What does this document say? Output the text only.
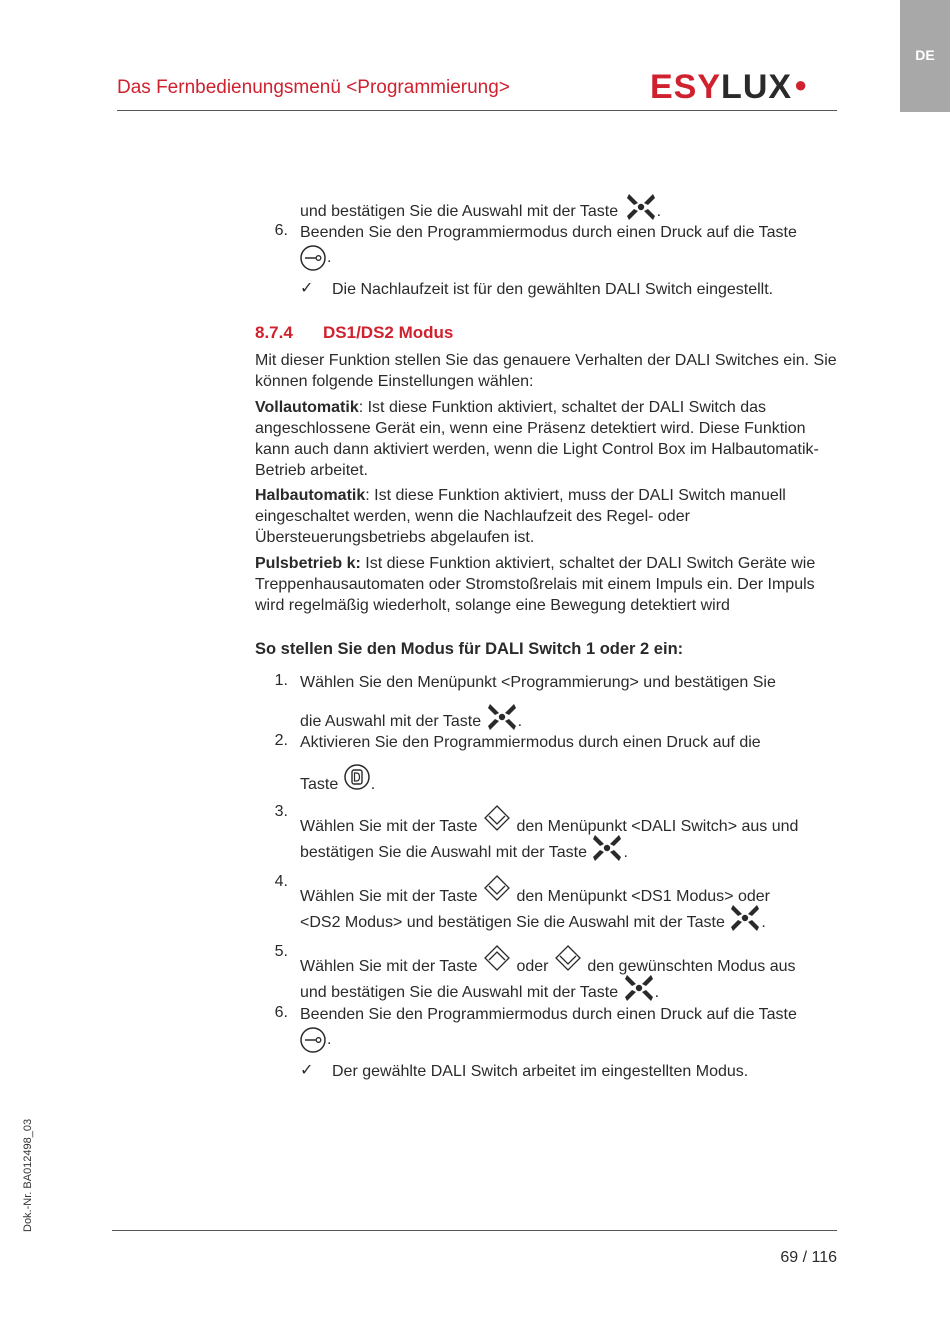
DE
Das Fernbedienungsmenü <Programmierung>	ESYLUX●
und bestätigen Sie die Auswahl mit der Taste .
6. Beenden Sie den Programmiermodus durch einen Druck auf die Taste
.
✓ Die Nachlaufzeit ist für den gewählten DALI Switch eingestellt.
8.7.4 DS1/DS2 Modus
Mit dieser Funktion stellen Sie das genauere Verhalten der DALI Switches ein. Sie können folgende Einstellungen wählen:
Vollautomatik: Ist diese Funktion aktiviert, schaltet der DALI Switch das angeschlossene Gerät ein, wenn eine Präsenz detektiert wird. Diese Funktion kann auch dann aktiviert werden, wenn die Light Control Box im Halbautomatik-Betrieb arbeitet.
Halbautomatik: Ist diese Funktion aktiviert, muss der DALI Switch manuell eingeschaltet werden, wenn die Nachlaufzeit des Regel- oder Übersteuerungsbetriebs abgelaufen ist.
Pulsbetrieb k: Ist diese Funktion aktiviert, schaltet der DALI Switch Geräte wie Treppenhausautomaten oder Stromstoßrelais mit einem Impuls ein. Der Impuls wird regelmäßig wiederholt, solange eine Bewegung detektiert wird
So stellen Sie den Modus für DALI Switch 1 oder 2 ein:
1. Wählen Sie den Menüpunkt <Programmierung> und bestätigen Sie
die Auswahl mit der Taste .
2. Aktivieren Sie den Programmiermodus durch einen Druck auf die
Taste .
3.
Wählen Sie mit der Taste den Menüpunkt <DALI Switch> aus und
bestätigen Sie die Auswahl mit der Taste .
4.
Wählen Sie mit der Taste den Menüpunkt <DS1 Modus> oder
<DS2 Modus> und bestätigen Sie die Auswahl mit der Taste .
5.
Wählen Sie mit der Taste oder den gewünschten Modus aus
und bestätigen Sie die Auswahl mit der Taste .
6. Beenden Sie den Programmiermodus durch einen Druck auf die Taste
.
✓ Der gewählte DALI Switch arbeitet im eingestellten Modus.
Dok.-Nr. BA012498_03
69 / 116
